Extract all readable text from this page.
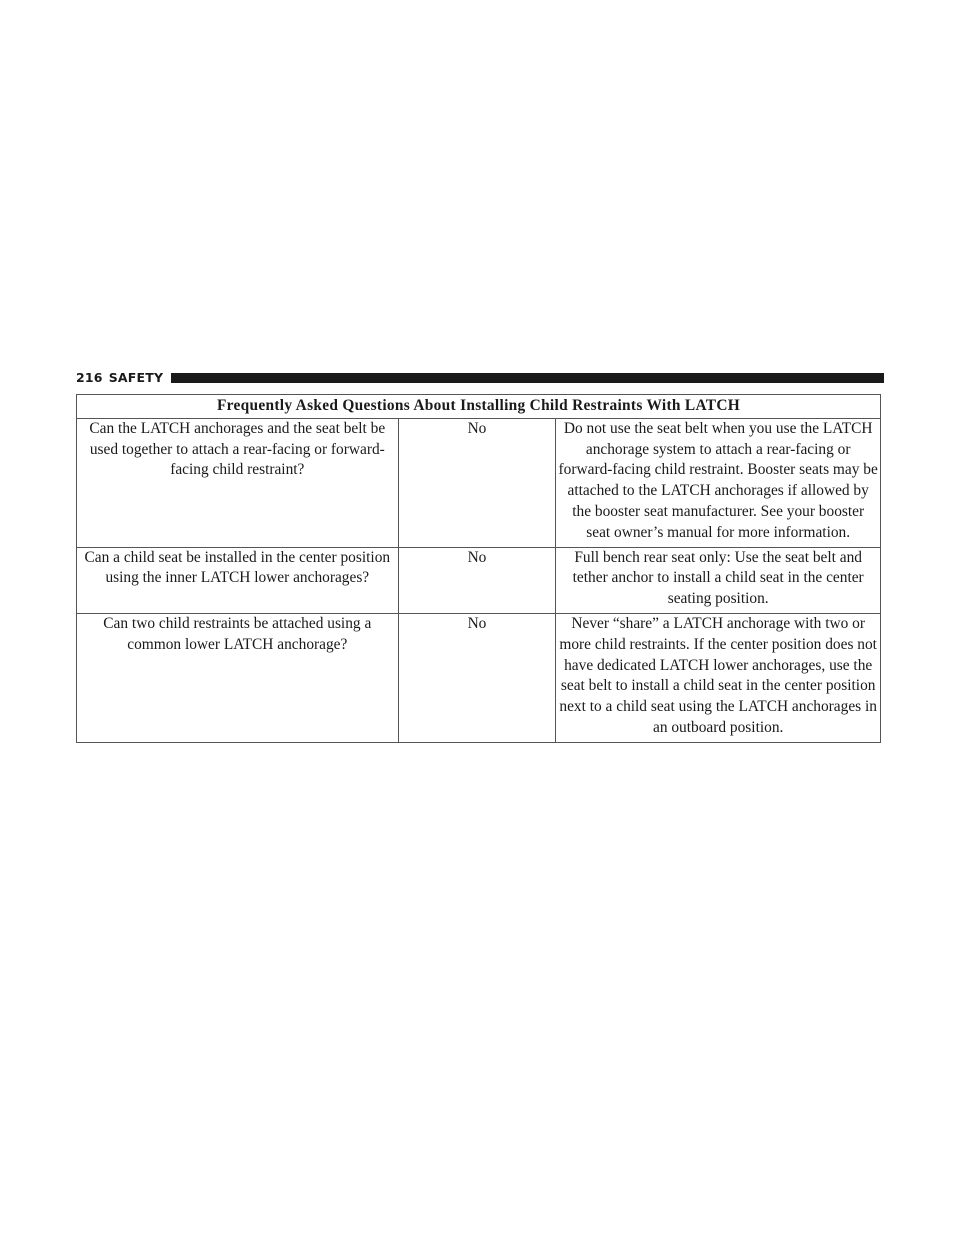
216 SAFETY
Frequently Asked Questions About Installing Child Restraints With LATCH		

Can the LATCH anchorages and the seat belt be used together to attach a rear-facing or forward-facing child restraint?	No	Do not use the seat belt when you use the LATCH anchorage system to attach a rear-facing or forward-facing child restraint. Booster seats may be attached to the LATCH anchorages if allowed by the booster seat manufacturer. See your booster seat owner’s manual for more information.

Can a child seat be installed in the center position using the inner LATCH lower anchorages?	No	Full bench rear seat only: Use the seat belt and tether anchor to install a child seat in the center seating position.

Can two child restraints be attached using a common lower LATCH anchorage?	No	Never “share” a LATCH anchorage with two or more child restraints. If the center position does not have dedicated LATCH lower anchorages, use the seat belt to install a child seat in the center position next to a child seat using the LATCH anchorages in an outboard position.
